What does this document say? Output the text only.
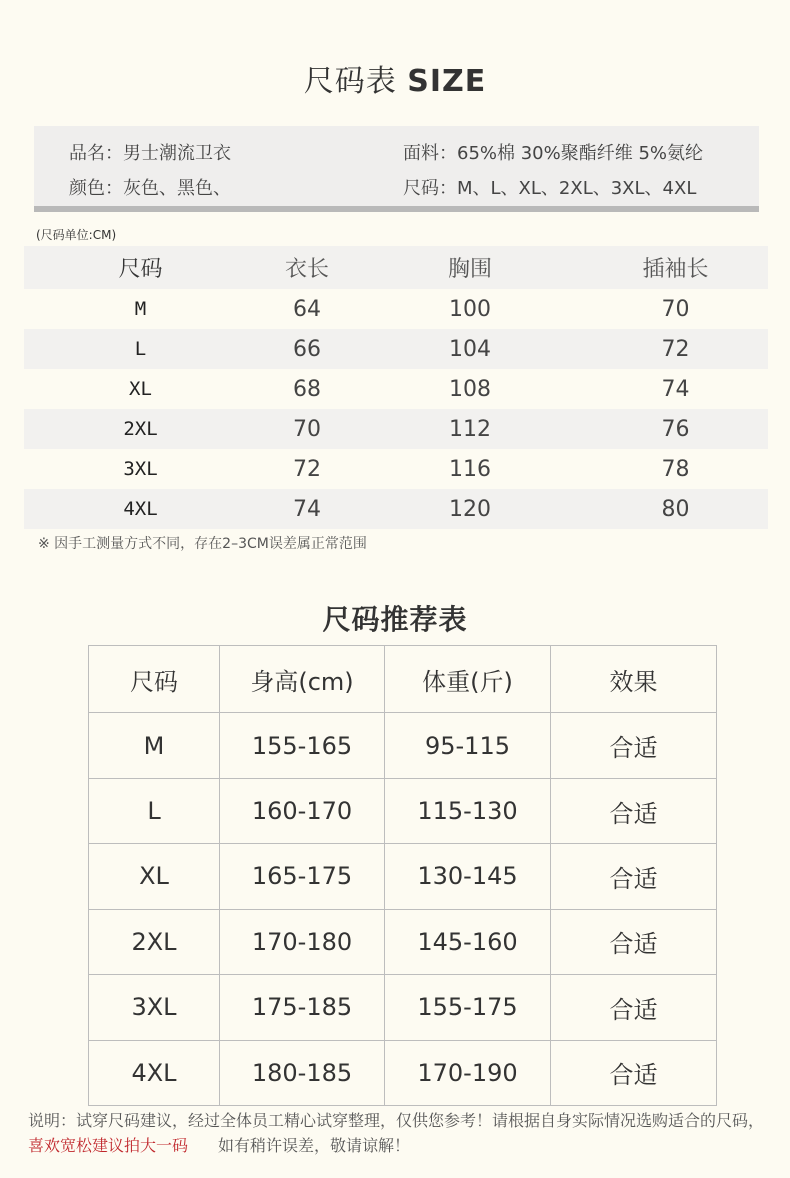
尺码表 SIZE
品名：男士潮流卫衣	面料：65%棉 30%聚酯纤维 5%氨纶
颜色：灰色、黑色、	尺码：M、L、XL、2XL、3XL、4XL
(尺码单位:CM)
尺码	衣长	胸围	插袖长
M	64	100	70
L	66	104	72
XL	68	108	74
2XL	70	112	76
3XL	72	116	78
4XL	74	120	80
※ 因手工测量方式不同，存在2–3CM误差属正常范围
尺码推荐表
尺码	身高(cm)	体重(斤)	效果
M	155-165	95-115	合适
L	160-170	115-130	合适
XL	165-175	130-145	合适
2XL	170-180	145-160	合适
3XL	175-185	155-175	合适
4XL	180-185	170-190	合适
说明：试穿尺码建议，经过全体员工精心试穿整理，仅供您参考！请根据自身实际情况选购适合的尺码，喜欢宽松建议拍大一码 如有稍许误差，敬请谅解！
